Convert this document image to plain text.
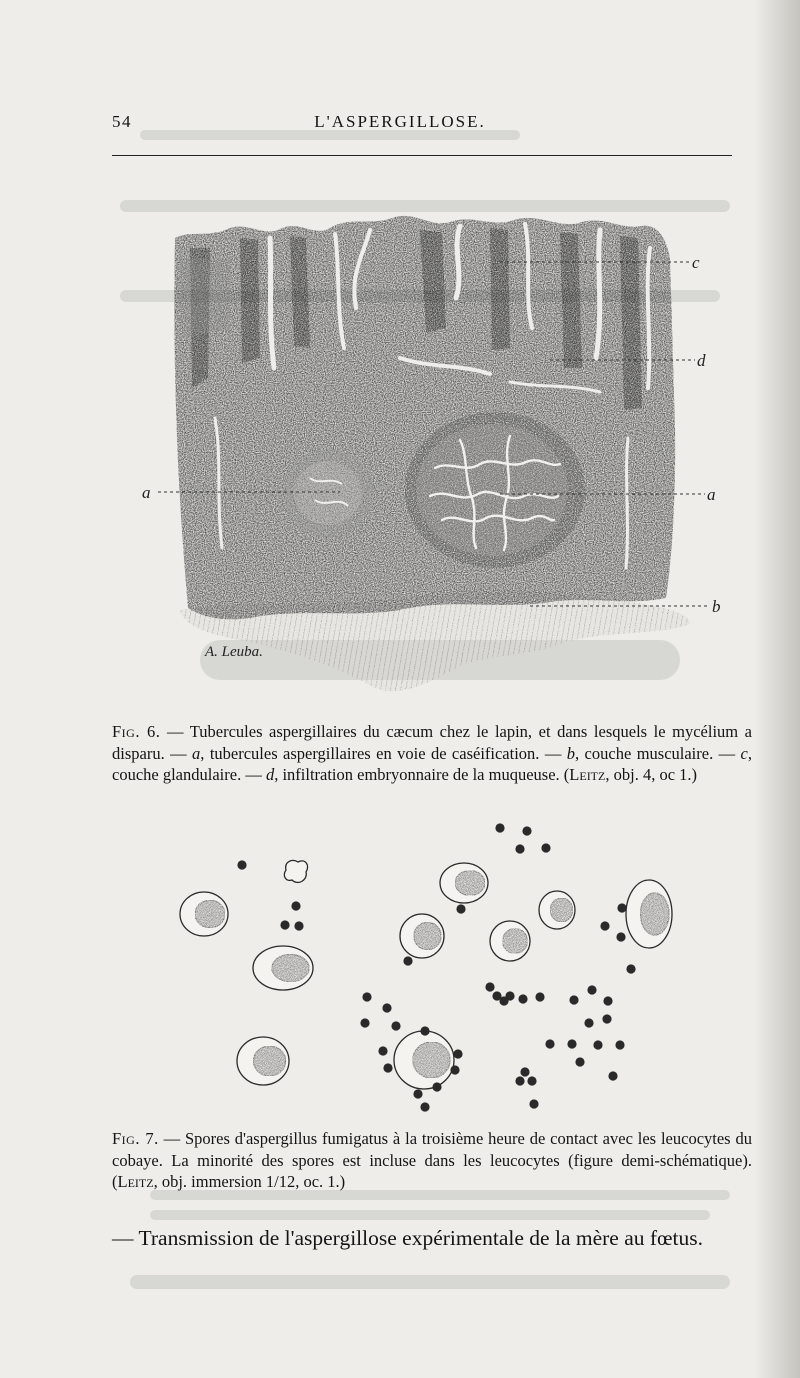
54	L'ASPERGILLOSE.
c
d
a	a
b
A. Leuba.
Fig. 6. — Tubercules aspergillaires du cæcum chez le lapin, et dans lesquels le mycélium a disparu. — a, tubercules aspergillaires en voie de caséification. — b, couche musculaire. — c, couche glandulaire. — d, infiltration embryonnaire de la muqueuse. (Leitz, obj. 4, oc 1.)
Fig. 7. — Spores d'aspergillus fumigatus à la troisième heure de contact avec les leucocytes du cobaye. La minorité des spores est incluse dans les leucocytes (figure demi-schématique). (Leitz, obj. immersion 1/12, oc. 1.)
— Transmission de l'aspergillose expérimentale de la mère au fœtus.
